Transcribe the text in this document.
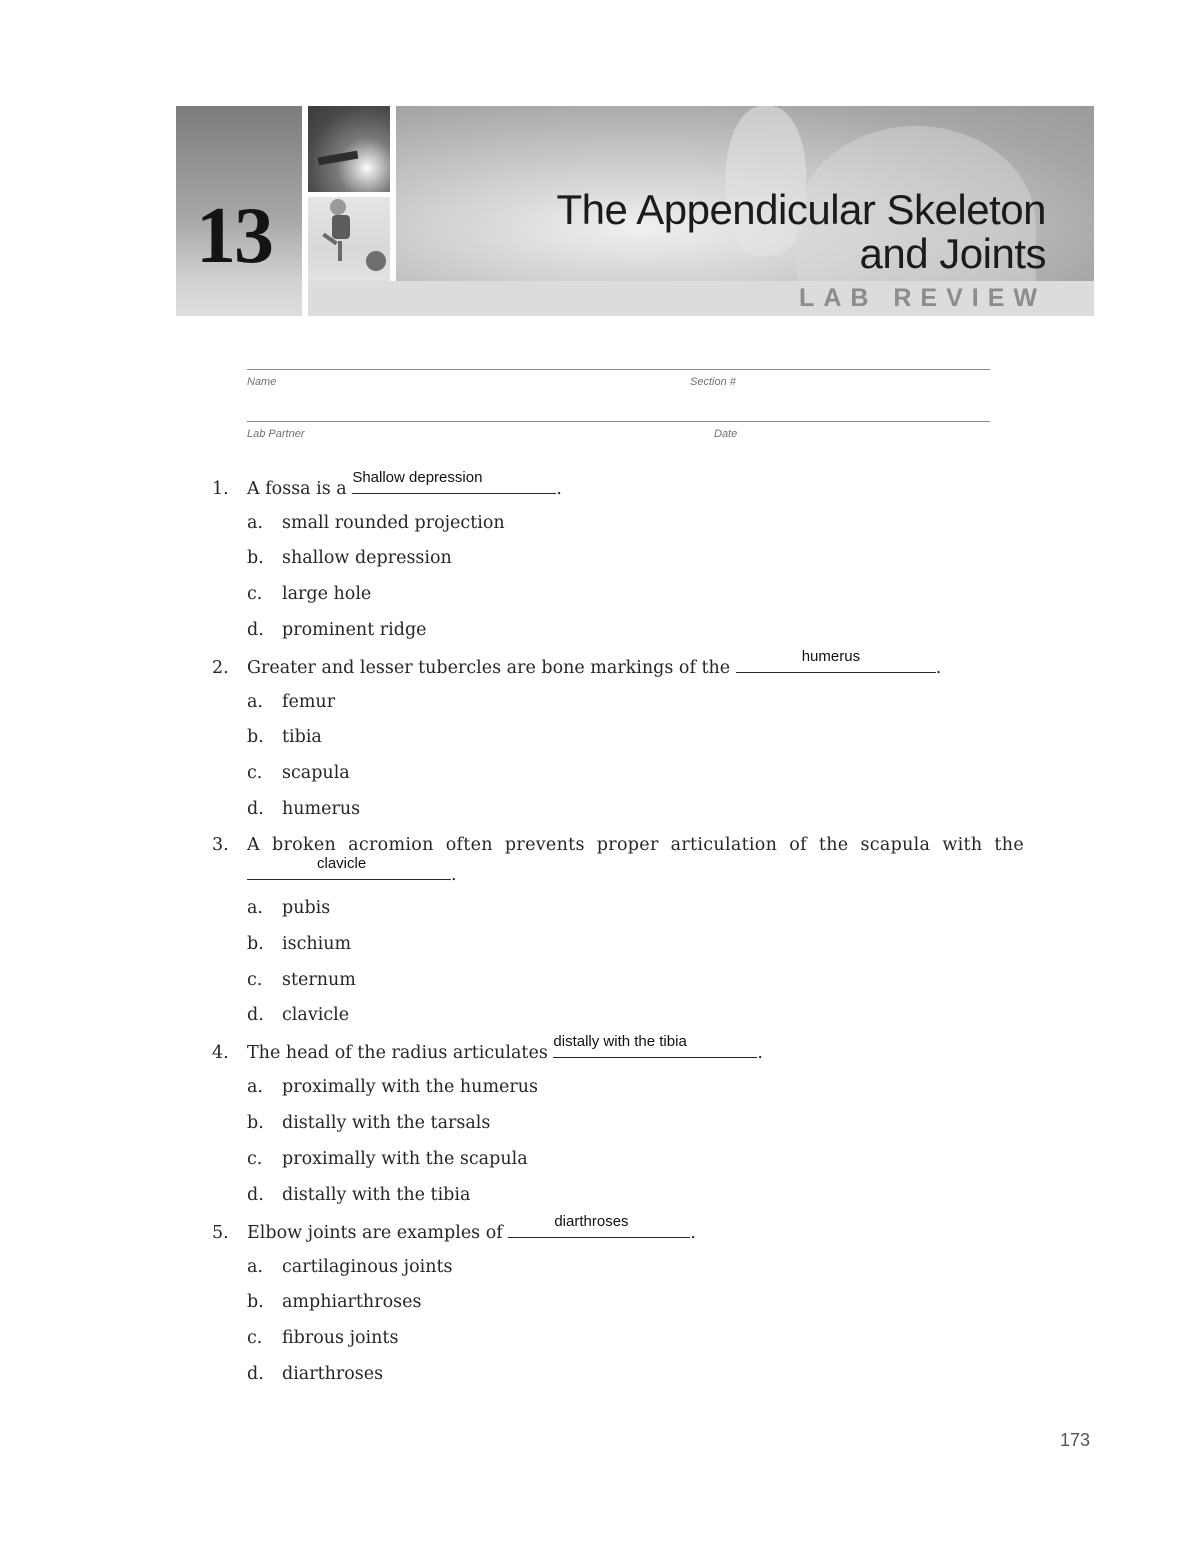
13	The Appendicular Skeleton
and Joints
LAB REVIEW
Name	Section #
Lab Partner	Date
1. A fossa is a
Shallow depression
.
a. small rounded projection
b. shallow depression
c. large hole
d. prominent ridge
2. Greater and lesser tubercles are bone markings of the
humerus
.
a. femur
b. tibia
c. scapula
d. humerus
3.	A broken acromion often prevents proper articulation of the scapula with the
clavicle
.
a. pubis
b. ischium
c. sternum
d. clavicle
4. The head of the radius articulates
distally with the tibia
.
a. proximally with the humerus
b. distally with the tarsals
c. proximally with the scapula
d. distally with the tibia
5. Elbow joints are examples of
diarthroses
.
a. cartilaginous joints
b. amphiarthroses
c. fibrous joints
d. diarthroses
173
